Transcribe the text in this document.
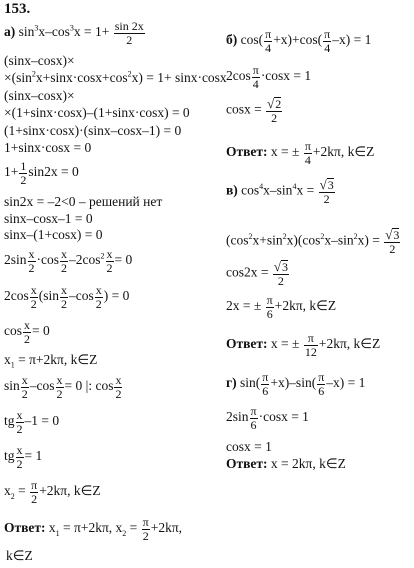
153.
а) $\sin^3x-\cos^3x = 1+ \frac{\sin 2x}{2}$
(sinx–cosx)×
$\times(\sin^2x+\sin x\cdot\cos x+\cos^2x) = 1+ \sin x\cdot\cos x$
(sinx–cosx)×
×(1+sinx·cosx)–(1+sinx·cosx) = 0
(1+sinx·cosx)·(sinx–cosx–1) = 0
1+sinx·cosx = 0
$1+ \frac{1}{2} \sin 2x = 0$
sin2x = –2<0 – решений нет
sinx–cosx–1 = 0
sinx–(1+cosx) = 0
$2\sin \frac{x}{2} \cdot\cos \frac{x}{2} -2\cos^2 \frac{x}{2} = 0$
$2\cos \frac{x}{2} (\sin \frac{x}{2} -\cos \frac{x}{2}$ ) = 0
$\cos \frac{x}{2} = 0$
$x_1 = \pi+2k\pi$, k∈Z
$\sin \frac{x}{2} -\cos \frac{x}{2} = 0$ |: $\cos \frac{x}{2}$
tg $\frac{x}{2} -1 = 0$
tg $\frac{x}{2} = 1$
$x_2 = \frac{\pi}{2} +2k\pi$, k∈Z
Ответ: $x_1 = \pi+2k\pi$, $x_2 = \frac{\pi}{2} +2k\pi$,
k∈Z
б) $\cos( \frac{\pi}{4} +x)+\cos( \frac{\pi}{4} -x) = 1$
$2\cos \frac{\pi}{4} \cdot\cos x = 1$
$\cos x = \frac{√2}{2}$
Ответ: x = ± $\frac{\pi}{4} +2k\pi$, k∈Z
в) $\cos^4x-\sin^4x = \frac{√3}{2}$
$(\cos^2x+\sin^2x)(\cos^2x-\sin^2x) = \frac{√3}{2}$
$\cos 2x = \frac{√3}{2}$
2x = ± $\frac{\pi}{6} +2k\pi$, k∈Z
Ответ: x = ± $\frac{\pi}{12} +2k\pi$, k∈Z
г) $\sin( \frac{\pi}{6} +x)-\sin( \frac{\pi}{6} -x) = 1$
$2\sin \frac{\pi}{6} \cdot\cos x = 1$
cosx = 1
Ответ: x = 2kπ, k∈Z
